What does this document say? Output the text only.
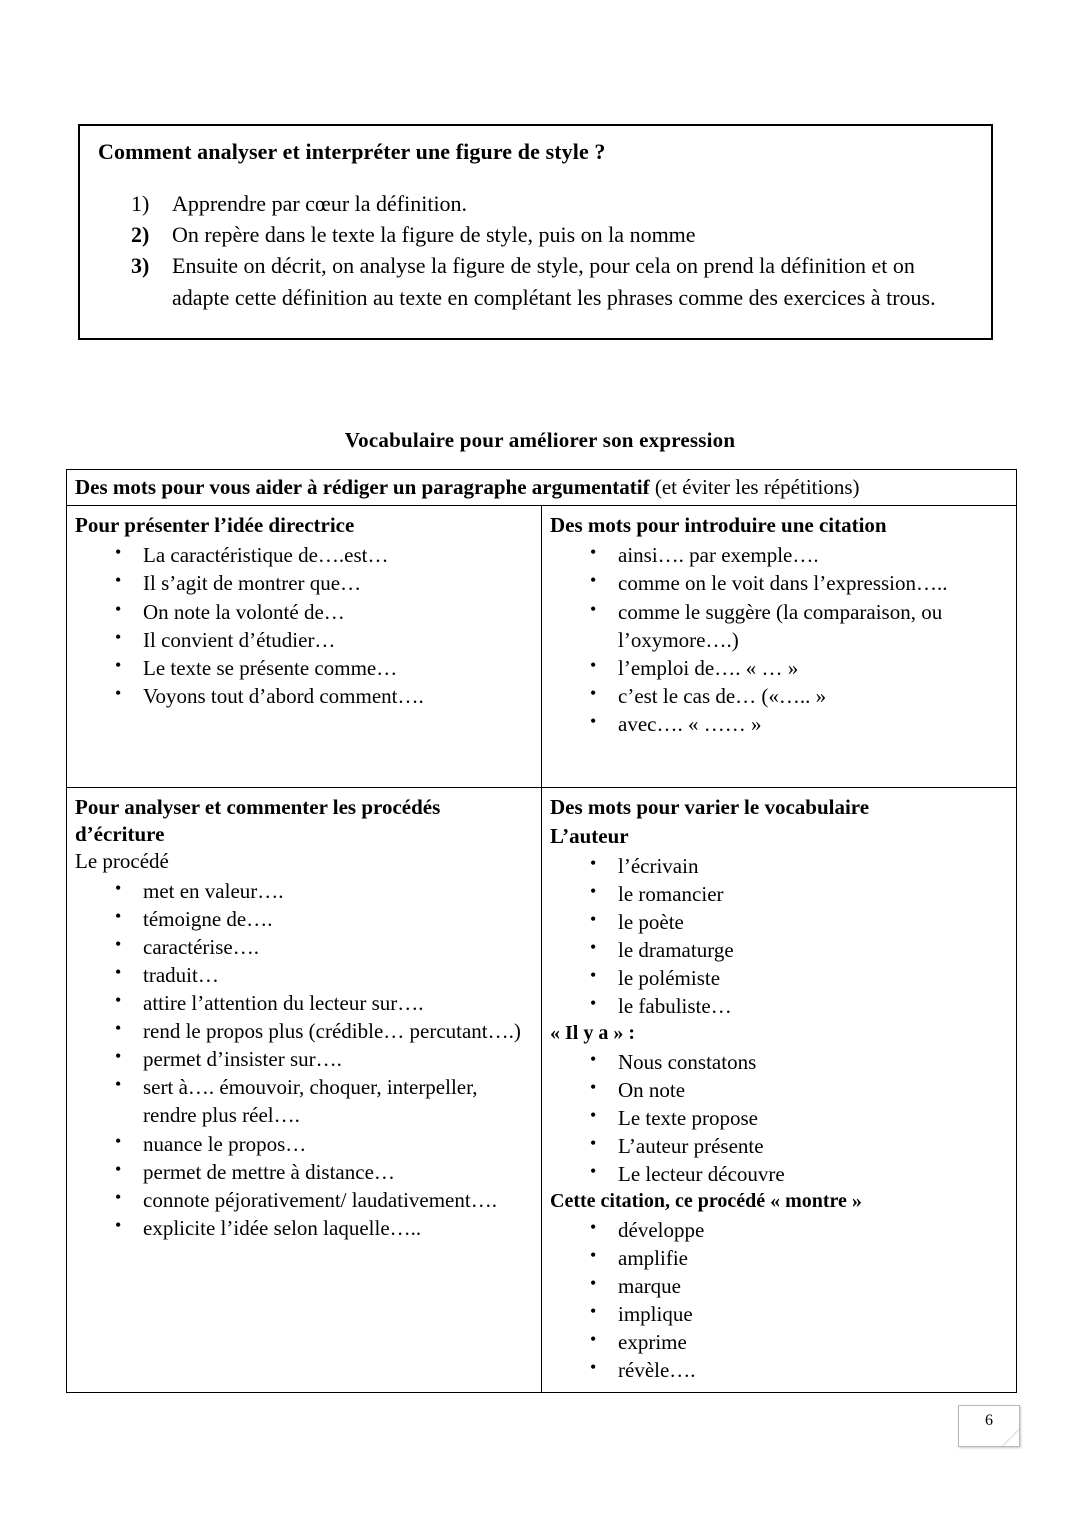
Comment analyser et interpréter une figure de style ?
1) Apprendre par cœur la définition.
2) On repère dans le texte la figure de style, puis on la nomme
3) Ensuite on décrit, on analyse la figure de style, pour cela on prend la définition et on adapte cette définition au texte en complétant les phrases comme des exercices à trous.
Vocabulaire pour améliorer son expression
Des mots pour vous aider à rédiger un paragraphe argumentatif (et éviter les répétitions)	

Pour présenter l’idée directrice
• La caractéristique de….est…
• Il s’agit de montrer que…
• On note la volonté de…
• Il convient d’étudier…
• Le texte se présente comme…
• Voyons tout d’abord comment….

Des mots pour introduire une citation
• ainsi…. par exemple….
• comme on le voit dans l’expression…..
• comme le suggère (la comparaison, ou l’oxymore….)
• l’emploi de…. « … »
• c’est le cas de… («….. »
• avec…. « …… »

Pour analyser et commenter les procédés d’écriture
Le procédé
• met en valeur….
• témoigne de….
• caractérise….
• traduit…
• attire l’attention du lecteur sur….
• rend le propos plus (crédible… percutant….)
• permet d’insister sur….
• sert à…. émouvoir, choquer, interpeller, rendre plus réel….
• nuance le propos…
• permet de mettre à distance…
• connote péjorativement/ laudativement….
• explicite l’idée selon laquelle…..

Des mots pour varier le vocabulaire
L’auteur
• l’écrivain
• le romancier
• le poète
• le dramaturge
• le polémiste
• le fabuliste…
« Il y a » :
• Nous constatons
• On note
• Le texte propose
• L’auteur présente
• Le lecteur découvre
Cette citation, ce procédé « montre »
• développe
• amplifie
• marque
• implique
• exprime
• révèle….
6
